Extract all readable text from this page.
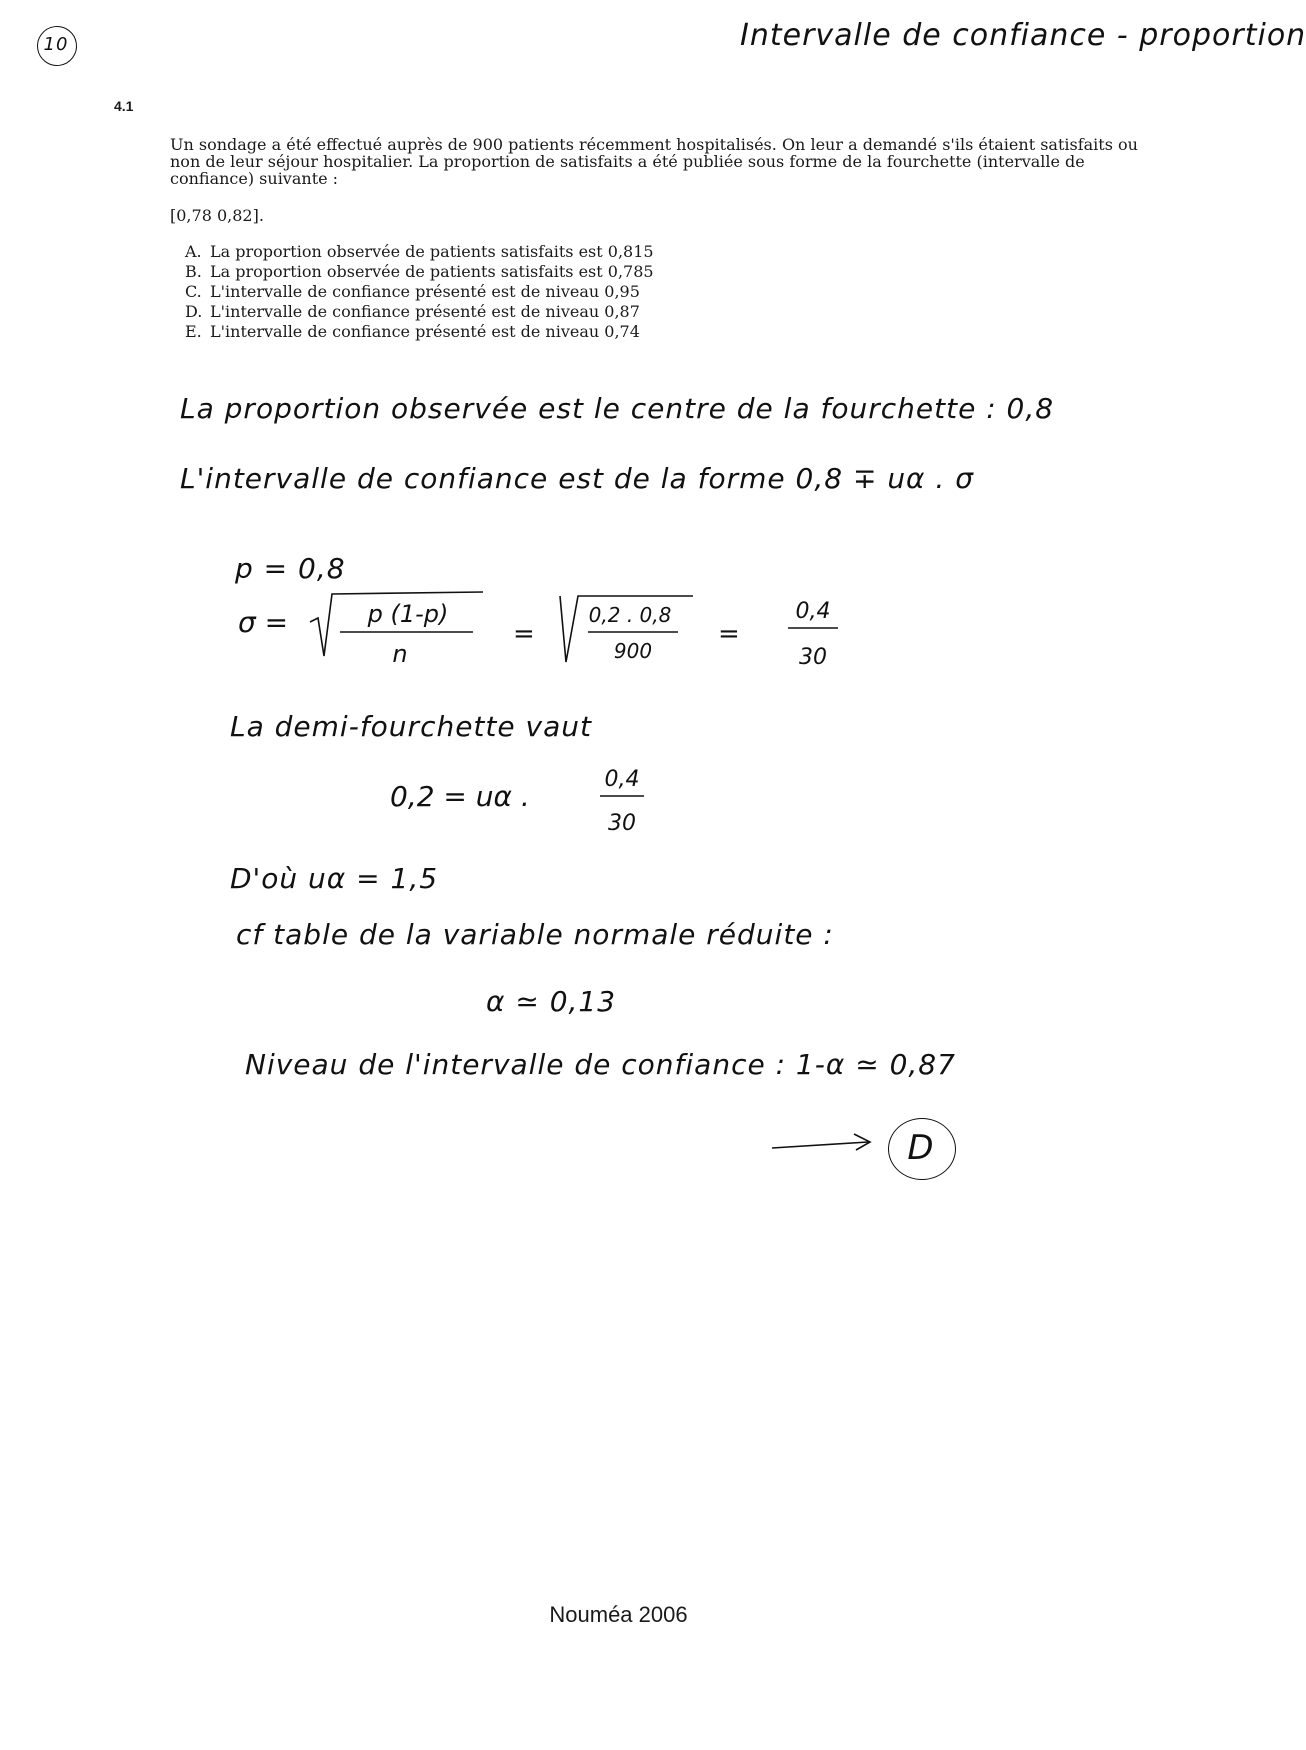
10	Intervalle de confiance - proportion
4.1
Un sondage a été effectué auprès de 900 patients récemment hospitalisés. On leur a demandé s'ils étaient satisfaits ou non de leur séjour hospitalier. La proportion de satisfaits a été publiée sous forme de la fourchette (intervalle de confiance) suivante :
[0,78 0,82].
A. La proportion observée de patients satisfaits est 0,815
B. La proportion observée de patients satisfaits est 0,785
C. L'intervalle de confiance présenté est de niveau 0,95
D. L'intervalle de confiance présenté est de niveau 0,87
E. L'intervalle de confiance présenté est de niveau 0,74
La proportion observée est le centre de la fourchette : 0,8
L'intervalle de confiance est de la forme 0,8 ∓ uα . σ
p = 0,8
σ =	p (1-p)
n
=
0,2 . 0,8
900
=
0,4
30
La demi-fourchette vaut
0,2 = uα .
0,4
30
D'où uα = 1,5
cf table de la variable normale réduite :
α ≃ 0,13
Niveau de l'intervalle de confiance : 1-α ≃ 0,87
D
Nouméa 2006
